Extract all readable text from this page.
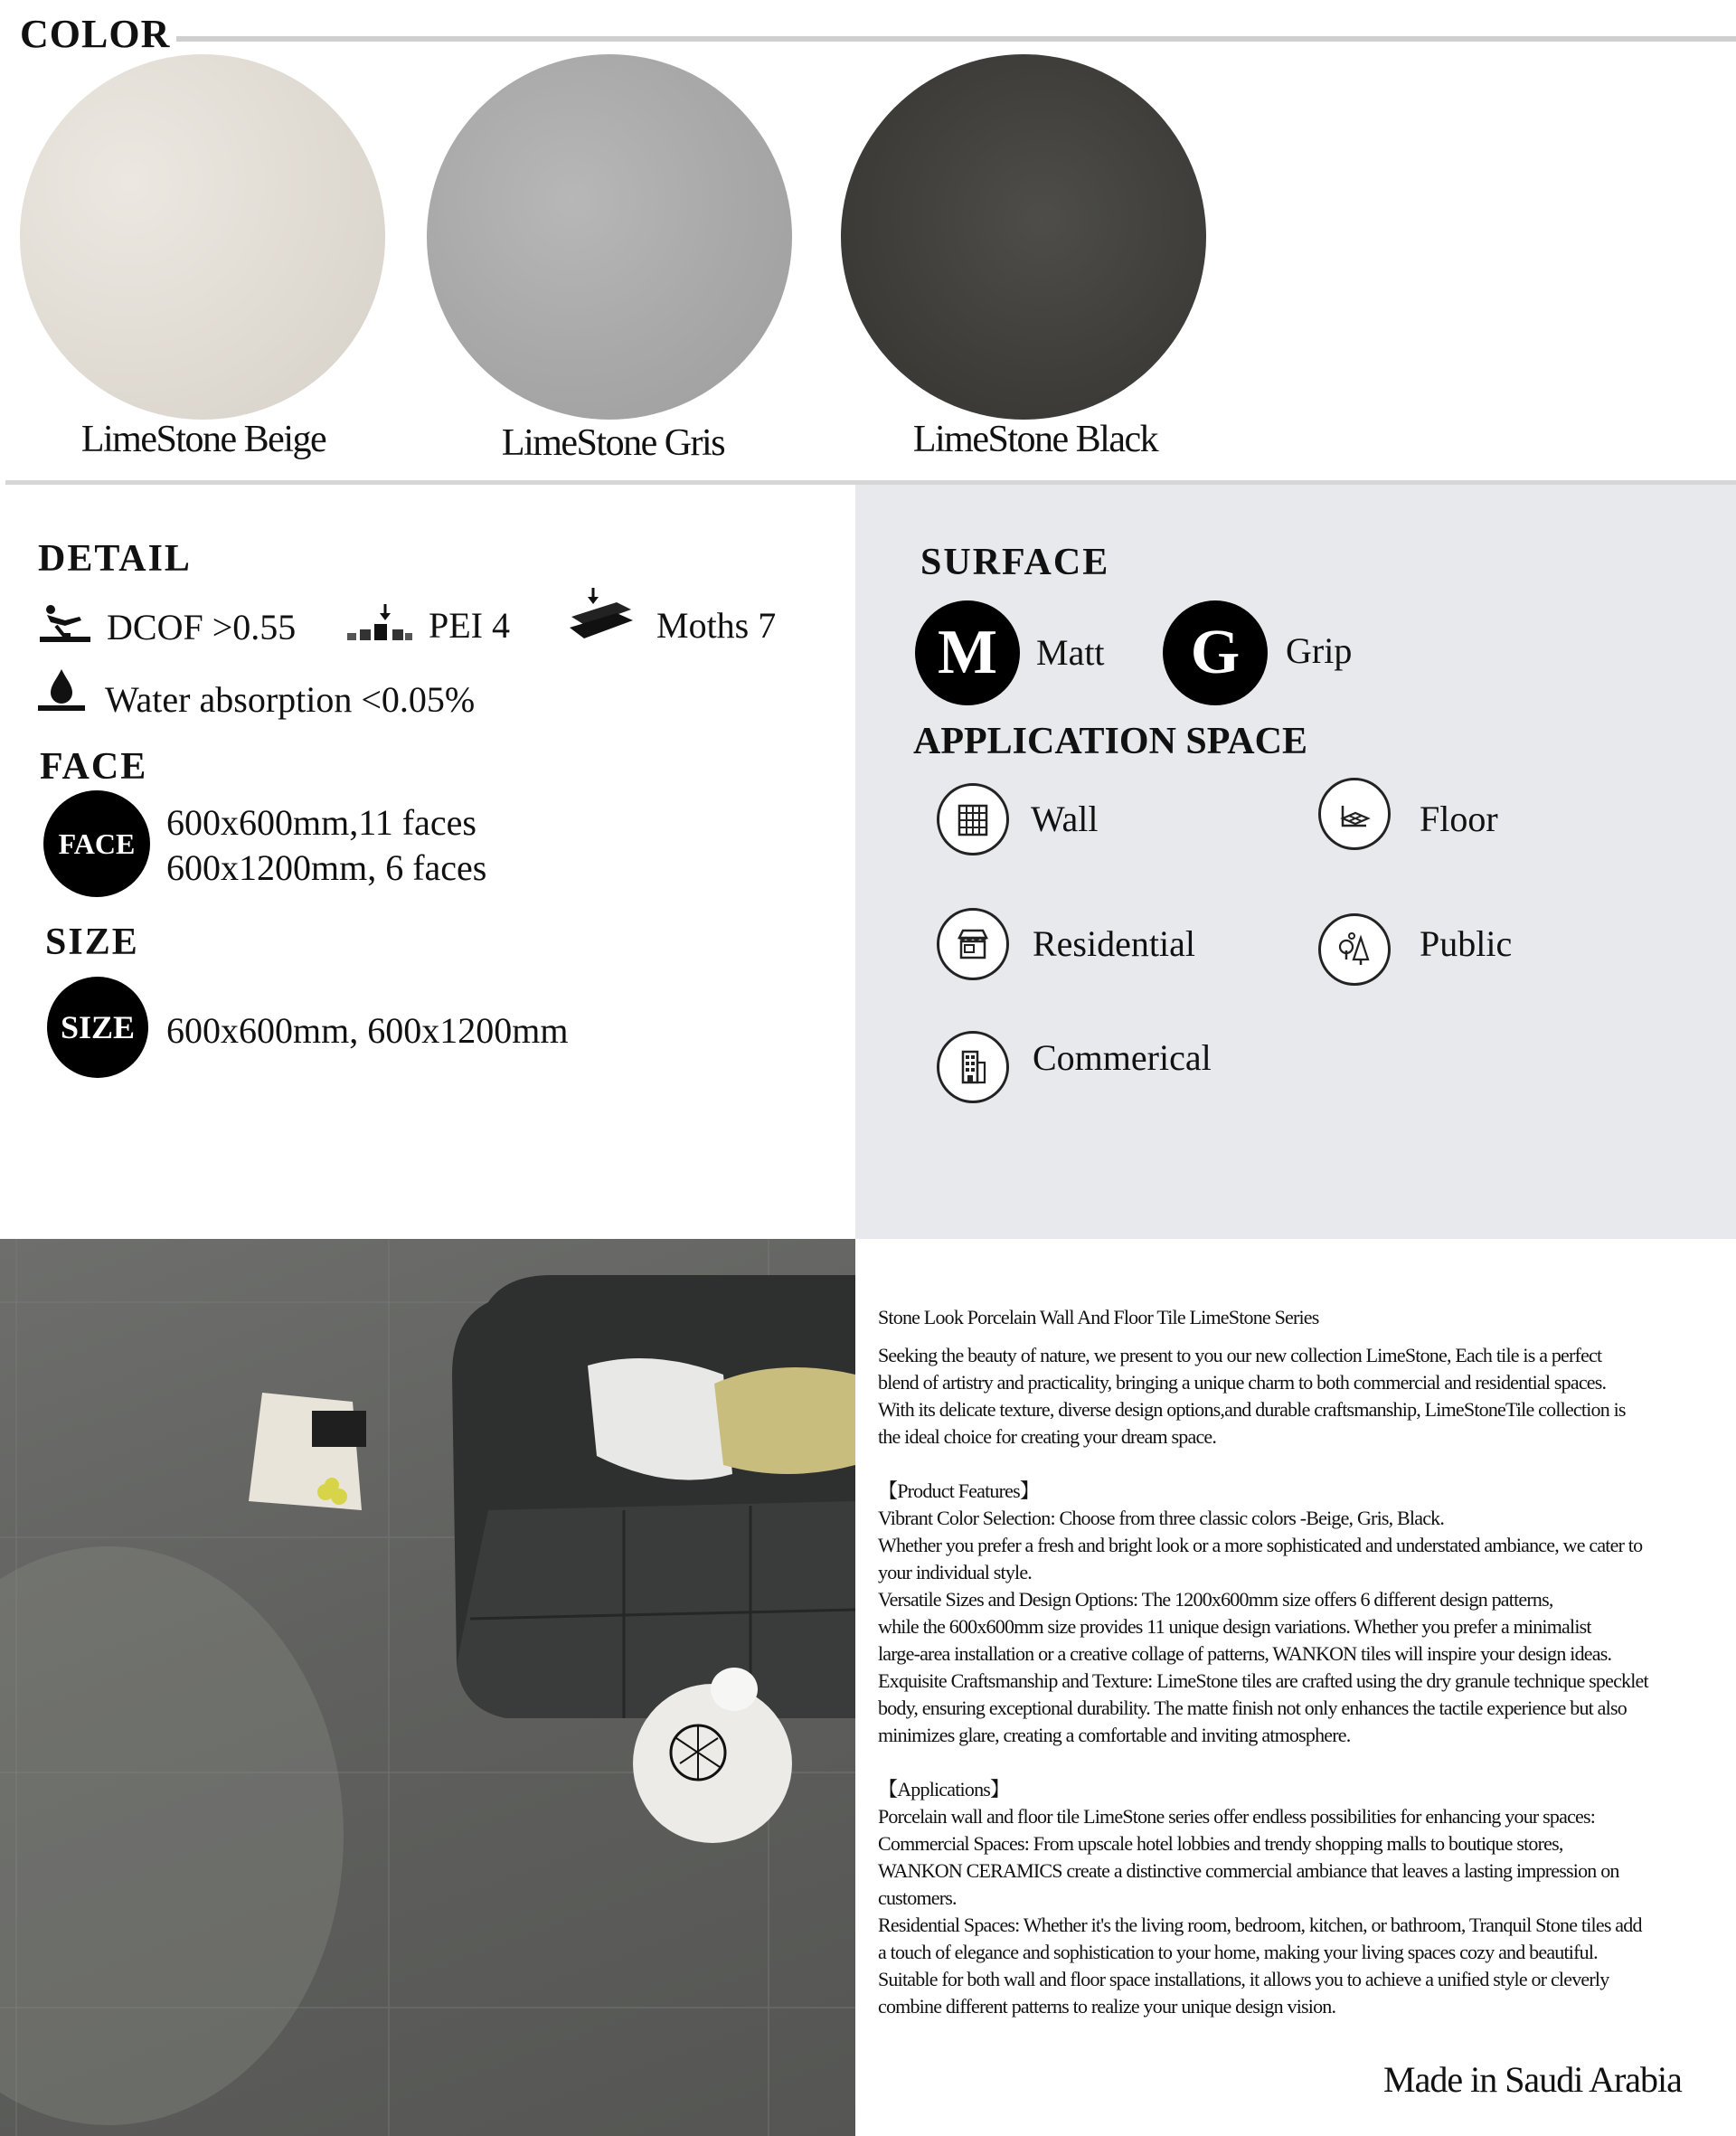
COLOR
LimeStone Beige	LimeStone Gris	LimeStone Black
DETAIL
DCOF >0.55	PEI 4	Moths 7
Water absorption <0.05%
FACE
FACE
600x600mm,11 faces
600x1200mm, 6 faces
SIZE
SIZE 600x600mm, 600x1200mm
SURFACE
M	Matt	G	Grip
APPLICATION SPACE
Wall	Floor
Residential	Public
Commerical

Stone Look Porcelain Wall And Floor Tile LimeStone Series

Seeking the beauty of nature, we present to you our new collection LimeStone, Each tile is a perfect

blend of artistry and practicality, bringing a unique charm to both commercial and residential spaces.

With its delicate texture, diverse design options,and durable craftsmanship, LimeStoneTile collection is

the ideal choice for creating your dream space.

【Product Features】

Vibrant Color Selection: Choose from three classic colors -Beige, Gris, Black.

Whether you prefer a fresh and bright look or a more sophisticated and understated ambiance, we cater to

your individual style.

Versatile Sizes and Design Options: The 1200x600mm size offers 6 different design patterns,

while the 600x600mm size provides 11 unique design variations. Whether you prefer a minimalist

large-area installation or a creative collage of patterns, WANKON tiles will inspire your design ideas.

Exquisite Craftsmanship and Texture: LimeStone tiles are crafted using the dry granule technique specklet

body, ensuring exceptional durability. The matte finish not only enhances the tactile experience but also

minimizes glare, creating a comfortable and inviting atmosphere.

【Applications】

Porcelain wall and floor tile LimeStone series offer endless possibilities for enhancing your spaces:

Commercial Spaces: From upscale hotel lobbies and trendy shopping malls to boutique stores,

WANKON CERAMICS create a distinctive commercial ambiance that leaves a lasting impression on

customers.

Residential Spaces: Whether it's the living room, bedroom, kitchen, or bathroom, Tranquil Stone tiles add

a touch of elegance and sophistication to your home, making your living spaces cozy and beautiful.

Suitable for both wall and floor space installations, it allows you to achieve a unified style or cleverly

combine different patterns to realize your unique design vision.

Made in Saudi Arabia
